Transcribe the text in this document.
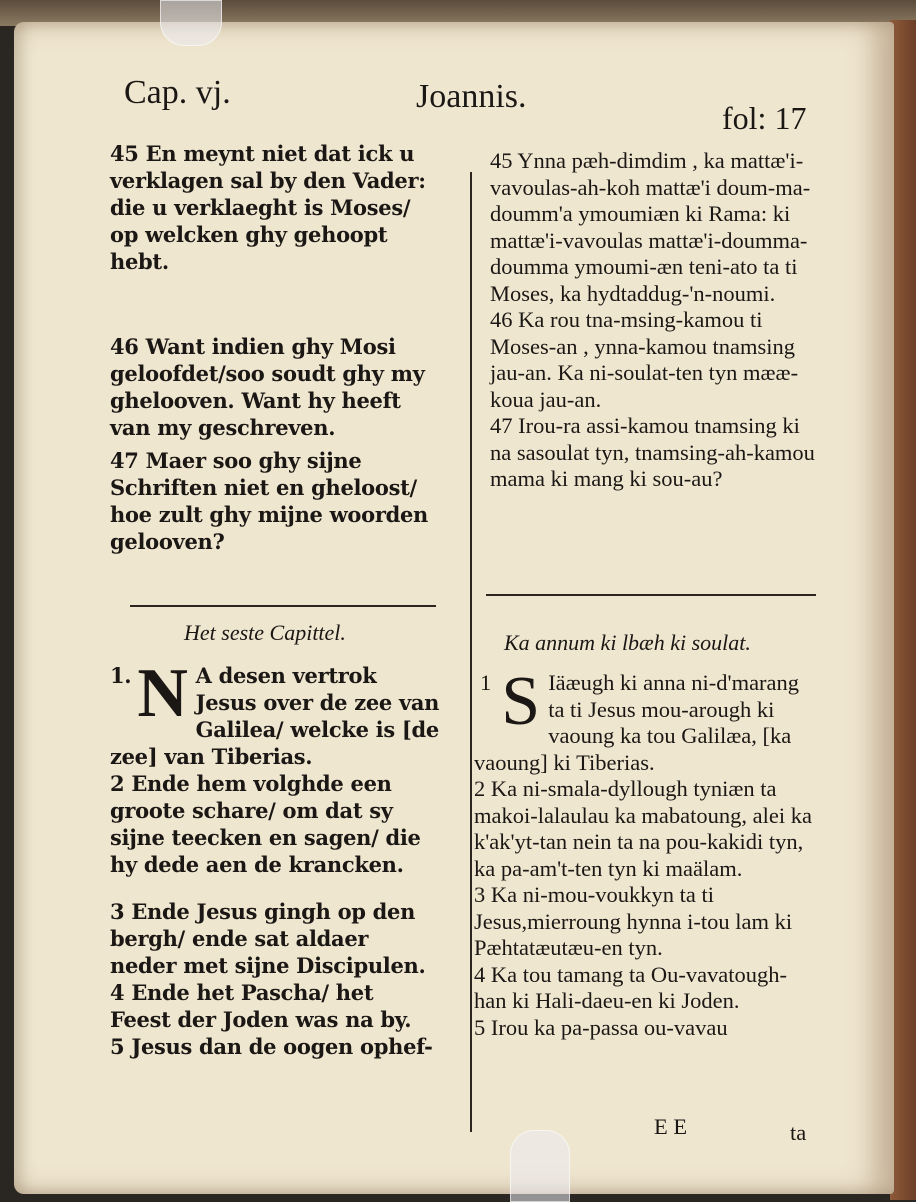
Cap. vj.	Joannis.
fol: 17

45 En meynt niet dat ick u verklagen sal by den Vader: die u verklaeght is Moses/ op welcken ghy gehoopt hebt.

46 Want indien ghy Mosi geloofdet/soo soudt ghy my ghelooven. Want hy heeft van my geschreven.

47 Maer soo ghy sijne Schriften niet en gheloost/ hoe zult ghy mijne woorden gelooven?

Het seste Capittel.

1. N A desen vertrok Jesus over de zee van Galilea/ welcke is [de zee] van Tiberias.

2 Ende hem volghde een groote schare/ om dat sy sijne teecken en sagen/ die hy dede aen de krancken.

3 Ende Jesus gingh op den bergh/ ende sat aldaer neder met sijne Discipulen.

4 Ende het Pascha/ het Feest der Joden was na by.

5 Jesus dan de oogen ophef-

45 Ynna pæh-dimdim , ka mattæ'i-vavoulas-ah-koh mattæ'i doum-ma-doumm'a ymoumiæn ki Rama: ki mattæ'i-vavoulas mattæ'i-doumma-doumma ymoumi-æn teni-ato ta ti Moses, ka hydtaddug-'n-noumi.

46 Ka rou tna-msing-kamou ti Moses-an , ynna-kamou tnamsing jau-an. Ka ni-soulat-ten tyn mææ-koua jau-an.

47 Irou-ra assi-kamou tnamsing ki na sasoulat tyn, tnamsing-ah-kamou mama ki mang ki sou-au?

Ka annum ki lbæh ki soulat.

1 S Iäæugh ki anna ni-d'marang ta ti Jesus mou-arough ki vaoung ka tou Galilæa, [ka vaoung] ki Tiberias.

2 Ka ni-smala-dyllough tyniæn ta makoi-lalaulau ka mabatoung, alei ka k'ak'yt-tan nein ta na pou-kakidi tyn, ka pa-am't-ten tyn ki maälam.

3 Ka ni-mou-voukkyn ta ti Jesus,mierroung hynna i-tou lam ki Pæhtatæutæu-en tyn.

4 Ka tou tamang ta Ou-vavatough-han ki Hali-daeu-en ki Joden.

5 Irou ka pa-passa ou-vavau

E E	ta
